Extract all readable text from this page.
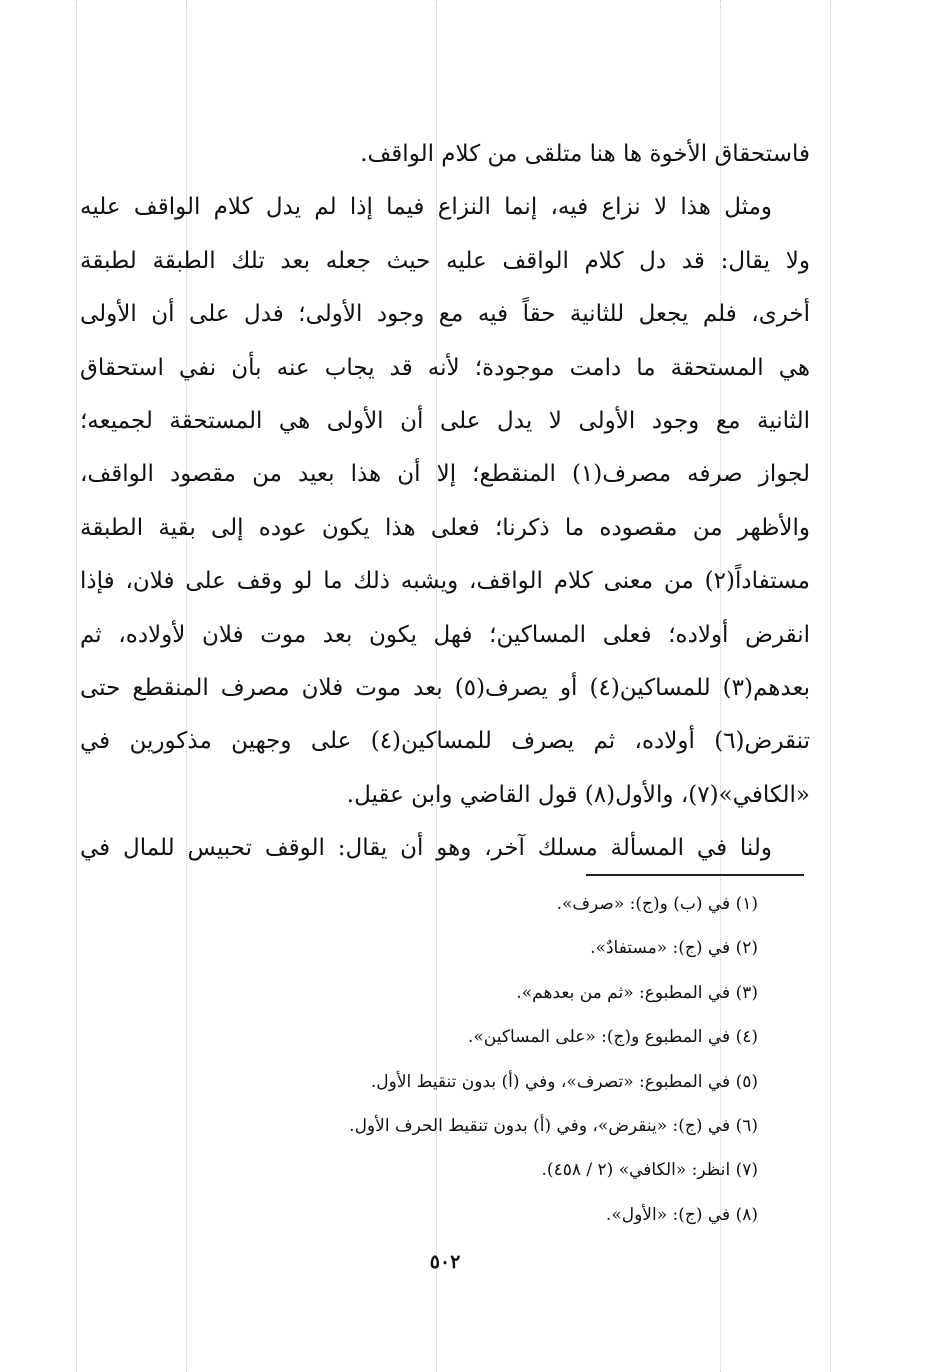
فاستحقاق الأخوة ها هنا متلقى من كلام الواقف.
ومثل هذا لا نزاع فيه، إنما النزاع فيما إذا لم يدل كلام الواقف عليه
ولا يقال: قد دل كلام الواقف عليه حيث جعله بعد تلك الطبقة لطبقة
أخرى، فلم يجعل للثانية حقاً فيه مع وجود الأولى؛ فدل على أن الأولى
هي المستحقة ما دامت موجودة؛ لأنه قد يجاب عنه بأن نفي استحقاق
الثانية مع وجود الأولى لا يدل على أن الأولى هي المستحقة لجميعه؛
لجواز صرفه مصرف(١) المنقطع؛ إلا أن هذا بعيد من مقصود الواقف،
والأظهر من مقصوده ما ذكرنا؛ فعلى هذا يكون عوده إلى بقية الطبقة
مستفاداً(٢) من معنى كلام الواقف، ويشبه ذلك ما لو وقف على فلان، فإذا
انقرض أولاده؛ فعلى المساكين؛ فهل يكون بعد موت فلان لأولاده، ثم
بعدهم(٣) للمساكين(٤) أو يصرف(٥) بعد موت فلان مصرف المنقطع حتى
تنقرض(٦) أولاده، ثم يصرف للمساكين(٤) على وجهين مذكورين في
«الكافي»(٧)، والأول(٨) قول القاضي وابن عقيل.
ولنا في المسألة مسلك آخر، وهو أن يقال: الوقف تحبيس للمال في
(١) في (ب) و(ج): «صرف».
(٢) في (ج): «مستفادٌ».
(٣) في المطبوع: «ثم من بعدهم».
(٤) في المطبوع و(ج): «على المساكين».
(٥) في المطبوع: «تصرف»، وفي (أ) بدون تنقيط الأول.
(٦) في (ج): «ينقرض»، وفي (أ) بدون تنقيط الحرف الأول.
(٧) انظر: «الكافي» (٢ / ٤٥٨).
(٨) في (ج): «الأول».
٥٠٢
